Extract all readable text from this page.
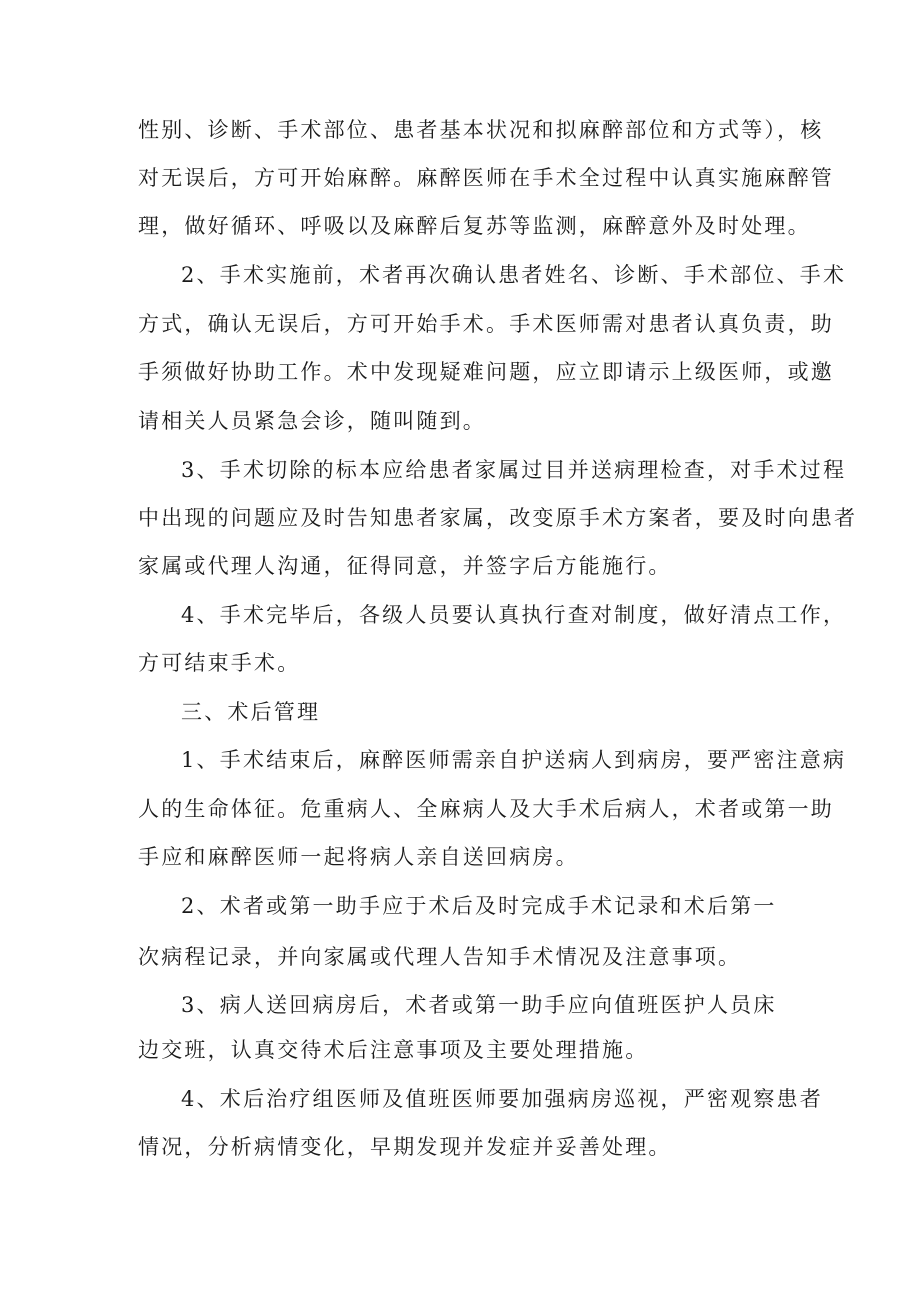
性别、诊断、手术部位、患者基本状况和拟麻醉部位和方式等），核
对无误后，方可开始麻醉。麻醉医师在手术全过程中认真实施麻醉管
理，做好循环、呼吸以及麻醉后复苏等监测，麻醉意外及时处理。
2、手术实施前，术者再次确认患者姓名、诊断、手术部位、手术
方式，确认无误后，方可开始手术。手术医师需对患者认真负责，助
手须做好协助工作。术中发现疑难问题，应立即请示上级医师，或邀
请相关人员紧急会诊，随叫随到。
3、手术切除的标本应给患者家属过目并送病理检查，对手术过程
中出现的问题应及时告知患者家属，改变原手术方案者，要及时向患者
家属或代理人沟通，征得同意，并签字后方能施行。
4、手术完毕后，各级人员要认真执行查对制度，做好清点工作，
方可结束手术。
三、术后管理
1、手术结束后，麻醉医师需亲自护送病人到病房，要严密注意病
人的生命体征。危重病人、全麻病人及大手术后病人，术者或第一助
手应和麻醉医师一起将病人亲自送回病房。
2、术者或第一助手应于术后及时完成手术记录和术后第一
次病程记录，并向家属或代理人告知手术情况及注意事项。
3、病人送回病房后，术者或第一助手应向值班医护人员床
边交班，认真交待术后注意事项及主要处理措施。
4、术后治疗组医师及值班医师要加强病房巡视，严密观察患者
情况，分析病情变化，早期发现并发症并妥善处理。
